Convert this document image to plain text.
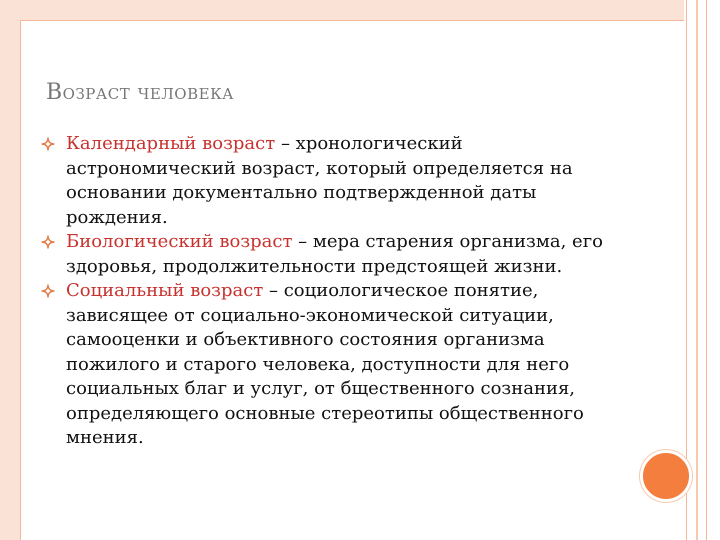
Возраст человека
Календарный возраст – хронологический астрономический возраст, который определяется на основании документально подтвержденной даты рождения.
Биологический возраст – мера старения организма, его здоровья, продолжительности предстоящей жизни.
Социальный возраст – социологическое понятие, зависящее от социально-экономической ситуации, самооценки и объективного состояния организма пожилого и старого человека, доступности для него социальных благ и услуг, от бщественного сознания, определяющего основные стереотипы общественного мнения.
